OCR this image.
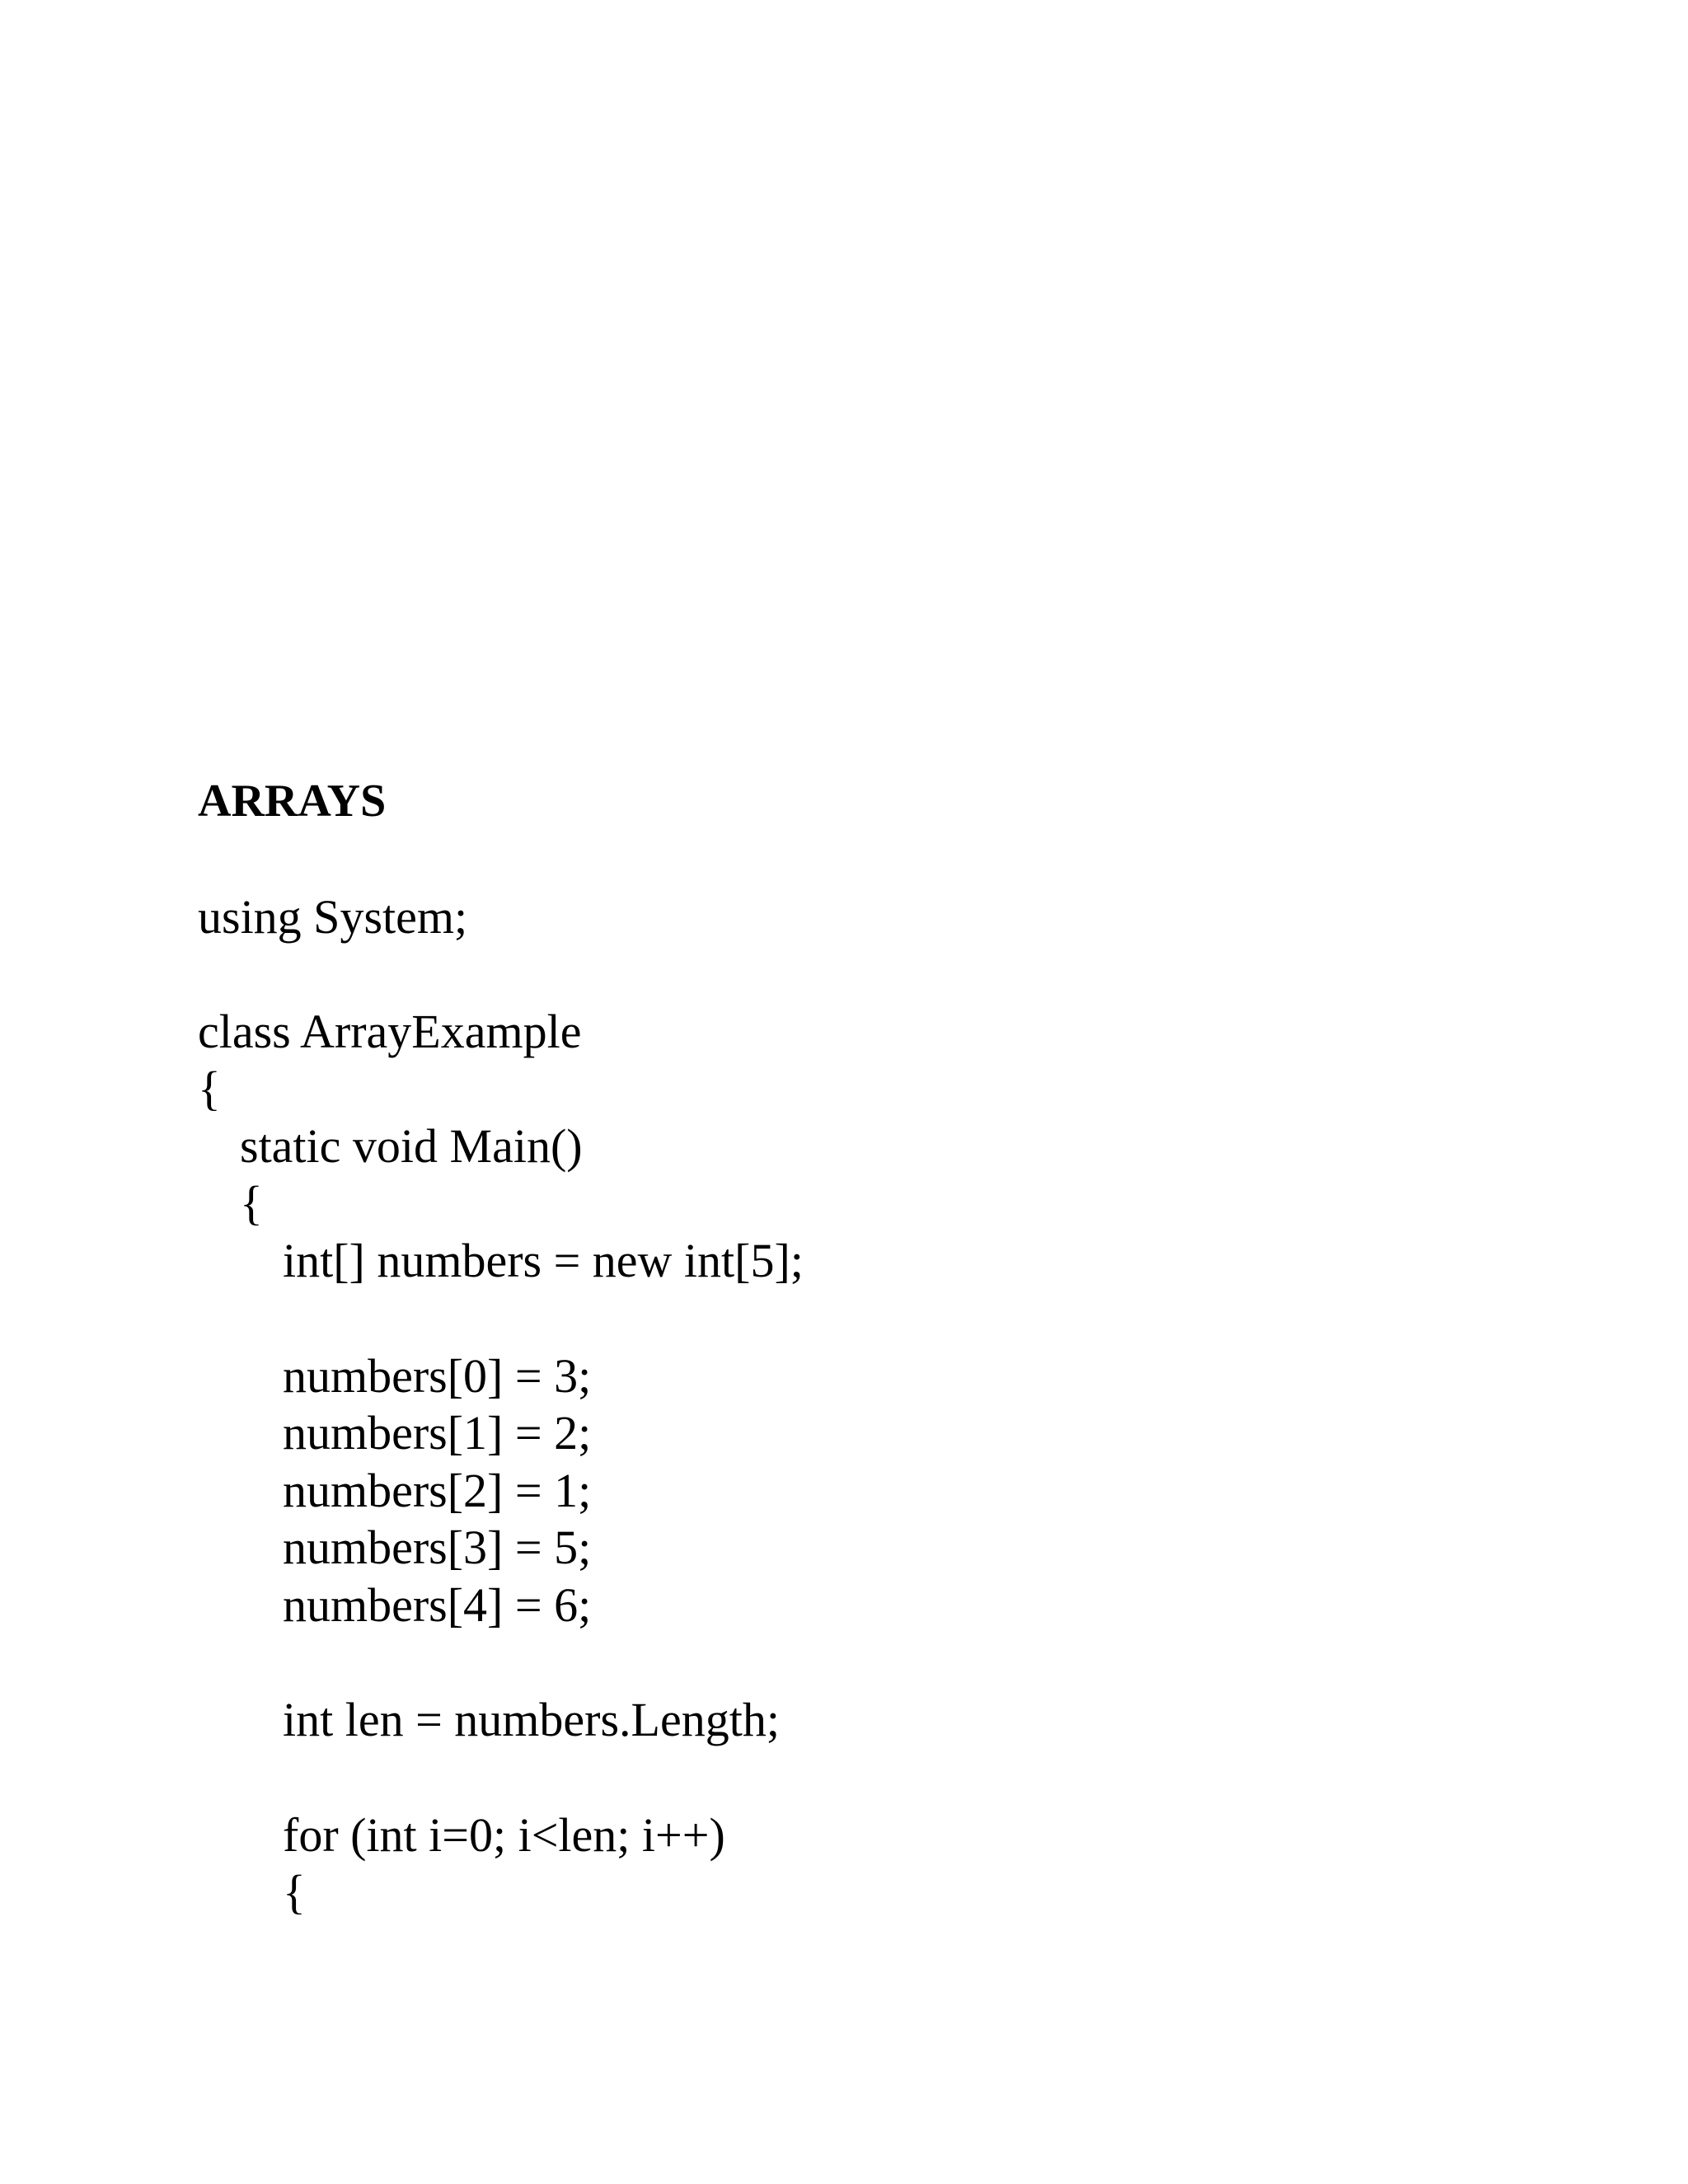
ARRAYS
using System;
class ArrayExample
{
static void Main()
{
int[] numbers = new int[5];
numbers[0] = 3;
numbers[1] = 2;
numbers[2] = 1;
numbers[3] = 5;
numbers[4] = 6;
int len = numbers.Length;
for (int i=0; i<len; i++)
{
